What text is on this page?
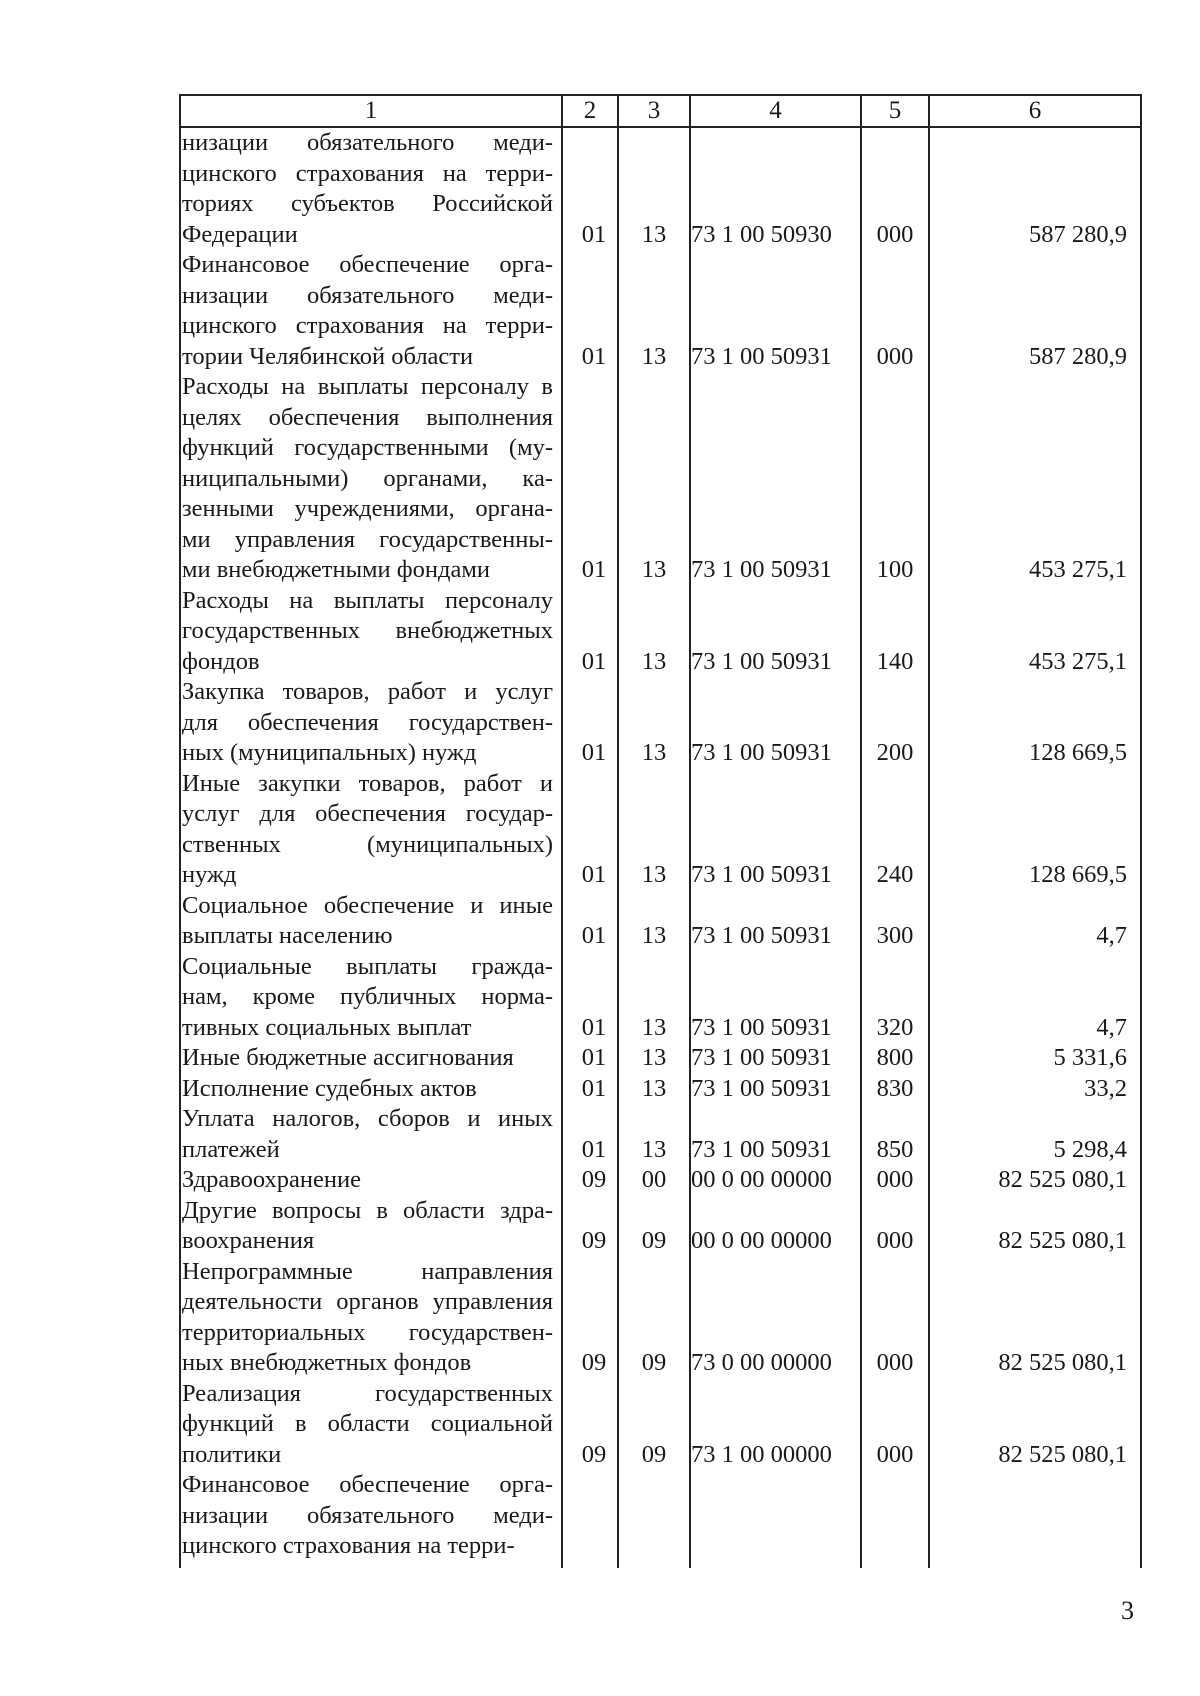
1	2	3	4	5	6
низации обязательного меди-
цинского страхования на терри-
ториях субъектов Российской
Федерации	01	13	73 1 00 50930	000	587 280,9
Финансовое обеспечение орга-
низации обязательного меди-
цинского страхования на терри-
тории Челябинской области	01	13	73 1 00 50931	000	587 280,9
Расходы на выплаты персоналу в
целях обеспечения выполнения
функций государственными (му-
ниципальными) органами, ка-
зенными учреждениями, органа-
ми управления государственны-
ми внебюджетными фондами	01	13	73 1 00 50931	100	453 275,1
Расходы на выплаты персоналу
государственных внебюджетных
фондов	01	13	73 1 00 50931	140	453 275,1
Закупка товаров, работ и услуг
для обеспечения государствен-
ных (муниципальных) нужд	01	13	73 1 00 50931	200	128 669,5
Иные закупки товаров, работ и
услуг для обеспечения государ-
ственных (муниципальных)
нужд	01	13	73 1 00 50931	240	128 669,5
Социальное обеспечение и иные
выплаты населению	01	13	73 1 00 50931	300	4,7
Социальные выплаты гражда-
нам, кроме публичных норма-
тивных социальных выплат	01	13	73 1 00 50931	320	4,7
Иные бюджетные ассигнования	01	13	73 1 00 50931	800	5 331,6
Исполнение судебных актов	01	13	73 1 00 50931	830	33,2
Уплата налогов, сборов и иных
платежей	01	13	73 1 00 50931	850	5 298,4
Здравоохранение	09	00	00 0 00 00000	000	82 525 080,1
Другие вопросы в области здра-
воохранения	09	09	00 0 00 00000	000	82 525 080,1
Непрограммные направления
деятельности органов управления
территориальных государствен-
ных внебюджетных фондов	09	09	73 0 00 00000	000	82 525 080,1
Реализация государственных
функций в области социальной
политики	09	09	73 1 00 00000	000	82 525 080,1
Финансовое обеспечение орга-
низации обязательного меди-
цинского страхования на терри-
3
